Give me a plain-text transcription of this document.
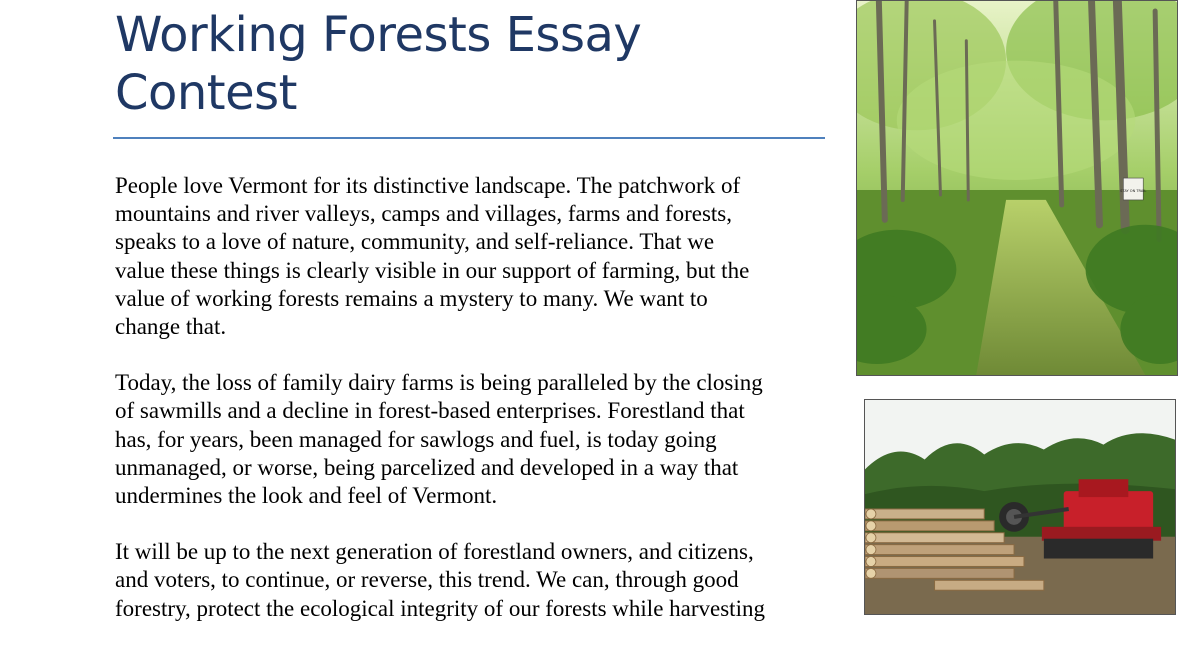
Working Forests Essay
Contest

People love Vermont for its distinctive landscape. The patchwork of
mountains and river valleys, camps and villages, farms and forests,
speaks to a love of nature, community, and self-reliance. That we
value these things is clearly visible in our support of farming, but the
value of working forests remains a mystery to many. We want to
change that.

Today, the loss of family dairy farms is being paralleled by the closing
of sawmills and a decline in forest-based enterprises. Forestland that
has, for years, been managed for sawlogs and fuel, is today going
unmanaged, or worse, being parcelized and developed in a way that
undermines the look and feel of Vermont.

It will be up to the next generation of forestland owners, and citizens,
and voters, to continue, or reverse, this trend. We can, through good
forestry, protect the ecological integrity of our forests while harvesting

STAY ON TRAIL
